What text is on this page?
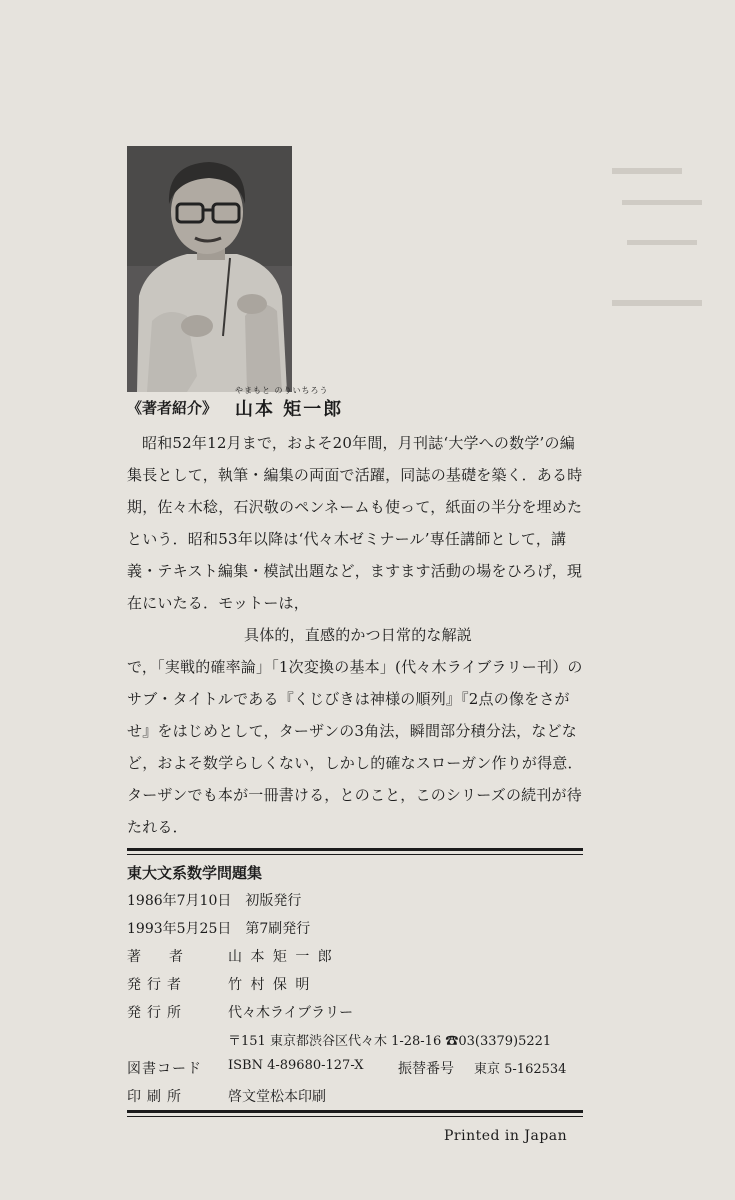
《著者紹介》
やまもと のりいちろう
山本 矩一郎

昭和52年12月まで，およそ20年間，月刊誌‘大学への数学’の編

集長として，執筆・編集の両面で活躍，同誌の基礎を築く．ある時

期，佐々木稔，石沢敬のペンネームも使って，紙面の半分を埋めた

という．昭和53年以降は‘代々木ゼミナール’専任講師として，講

義・テキスト編集・模試出題など，ますます活動の場をひろげ，現

在にいたる．モットーは，

具体的，直感的かつ日常的な解説

で，「実戦的確率論」「1次変換の基本」(代々木ライブラリー刊）の

サブ・タイトルである『くじびきは神様の順列』『2点の像をさが

せ』をはじめとして，ターザンの3角法，瞬間部分積分法，などな

ど，およそ数学らしくない，しかし的確なスローガン作りが得意．

ターザンでも本が一冊書ける，とのこと，このシリーズの続刊が待

たれる．

東大文系数学問題集
1986年7月10日　初版発行
1993年5月25日　第7刷発行
著　　者	山 本 矩 一 郎
発行者	竹 村 保 明
発行所	代々木ライブラリー
〒151 東京都渋谷区代々木 1-28-16 ☎03(3379)5221
図書コード ISBN 4-89680-127-X 振替番号 東京 5-162534
印刷所	啓文堂松本印刷
Printed in Japan
